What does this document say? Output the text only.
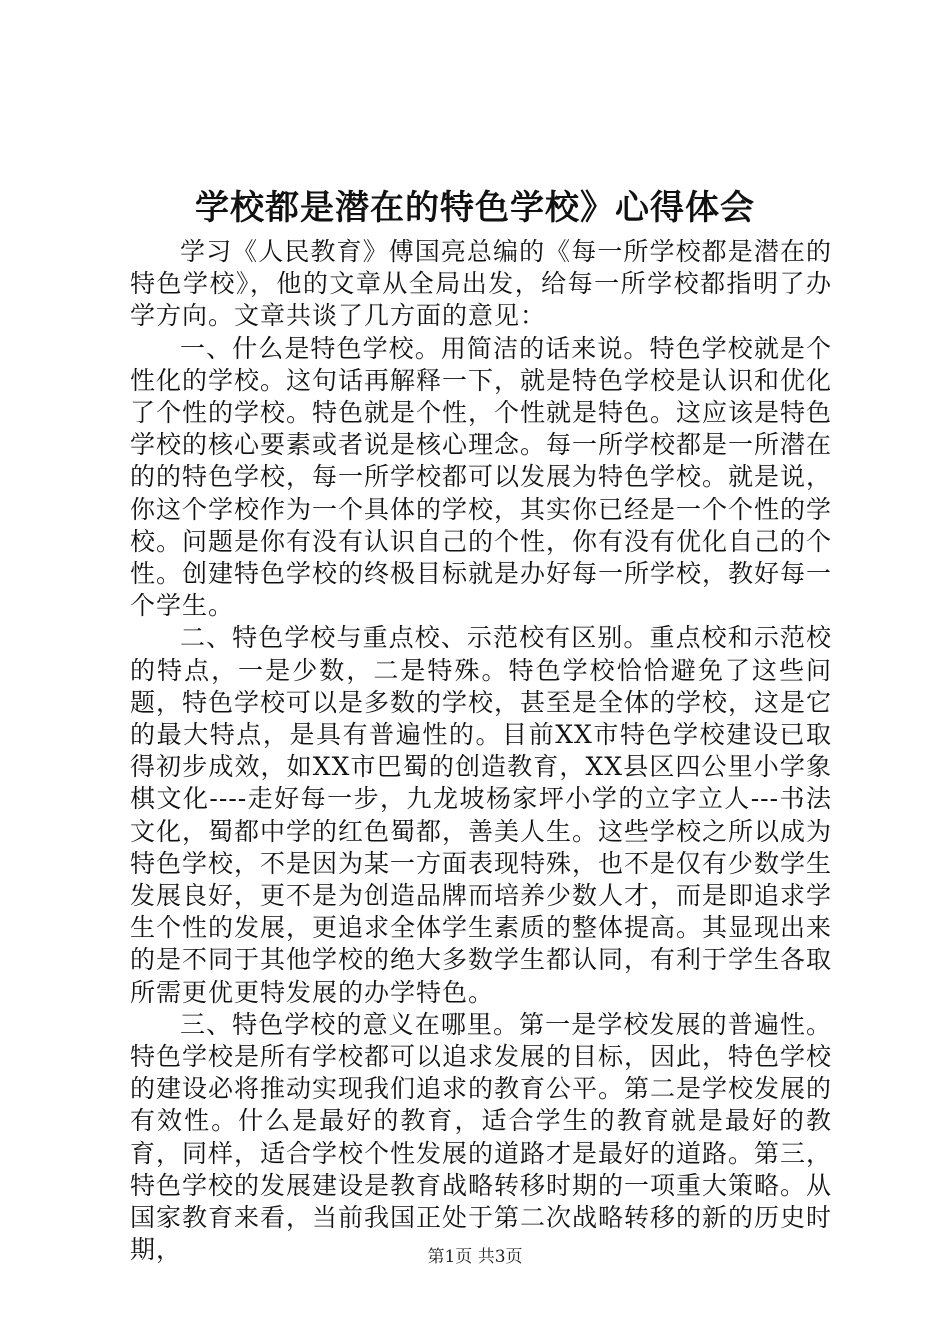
学校都是潜在的特色学校》心得体会

学习《人民教育》傅国亮总编的《每一所学校都是潜在的特色学校》，他的文章从全局出发，给每一所学校都指明了办学方向。文章共谈了几方面的意见：

一、什么是特色学校。用简洁的话来说。特色学校就是个性化的学校。这句话再解释一下，就是特色学校是认识和优化了个性的学校。特色就是个性，个性就是特色。这应该是特色学校的核心要素或者说是核心理念。每一所学校都是一所潜在的的特色学校，每一所学校都可以发展为特色学校。就是说，你这个学校作为一个具体的学校，其实你已经是一个个性的学校。问题是你有没有认识自己的个性，你有没有优化自己的个性。创建特色学校的终极目标就是办好每一所学校，教好每一个学生。

二、特色学校与重点校、示范校有区别。重点校和示范校的特点，一是少数，二是特殊。特色学校恰恰避免了这些问题，特色学校可以是多数的学校，甚至是全体的学校，这是它的最大特点，是具有普遍性的。目前XX市特色学校建设已取得初步成效，如XX市巴蜀的创造教育，XX县区四公里小学象棋文化----走好每一步，九龙坡杨家坪小学的立字立人---书法文化，蜀都中学的红色蜀都，善美人生。这些学校之所以成为特色学校，不是因为某一方面表现特殊，也不是仅有少数学生发展良好，更不是为创造品牌而培养少数人才，而是即追求学生个性的发展，更追求全体学生素质的整体提高。其显现出来的是不同于其他学校的绝大多数学生都认同，有利于学生各取所需更优更特发展的办学特色。

三、特色学校的意义在哪里。第一是学校发展的普遍性。特色学校是所有学校都可以追求发展的目标，因此，特色学校的建设必将推动实现我们追求的教育公平。第二是学校发展的有效性。什么是最好的教育，适合学生的教育就是最好的教育，同样，适合学校个性发展的道路才是最好的道路。第三，特色学校的发展建设是教育战略转移时期的一项重大策略。从国家教育来看，当前我国正处于第二次战略转移的新的历史时期，	第1页 共3页
